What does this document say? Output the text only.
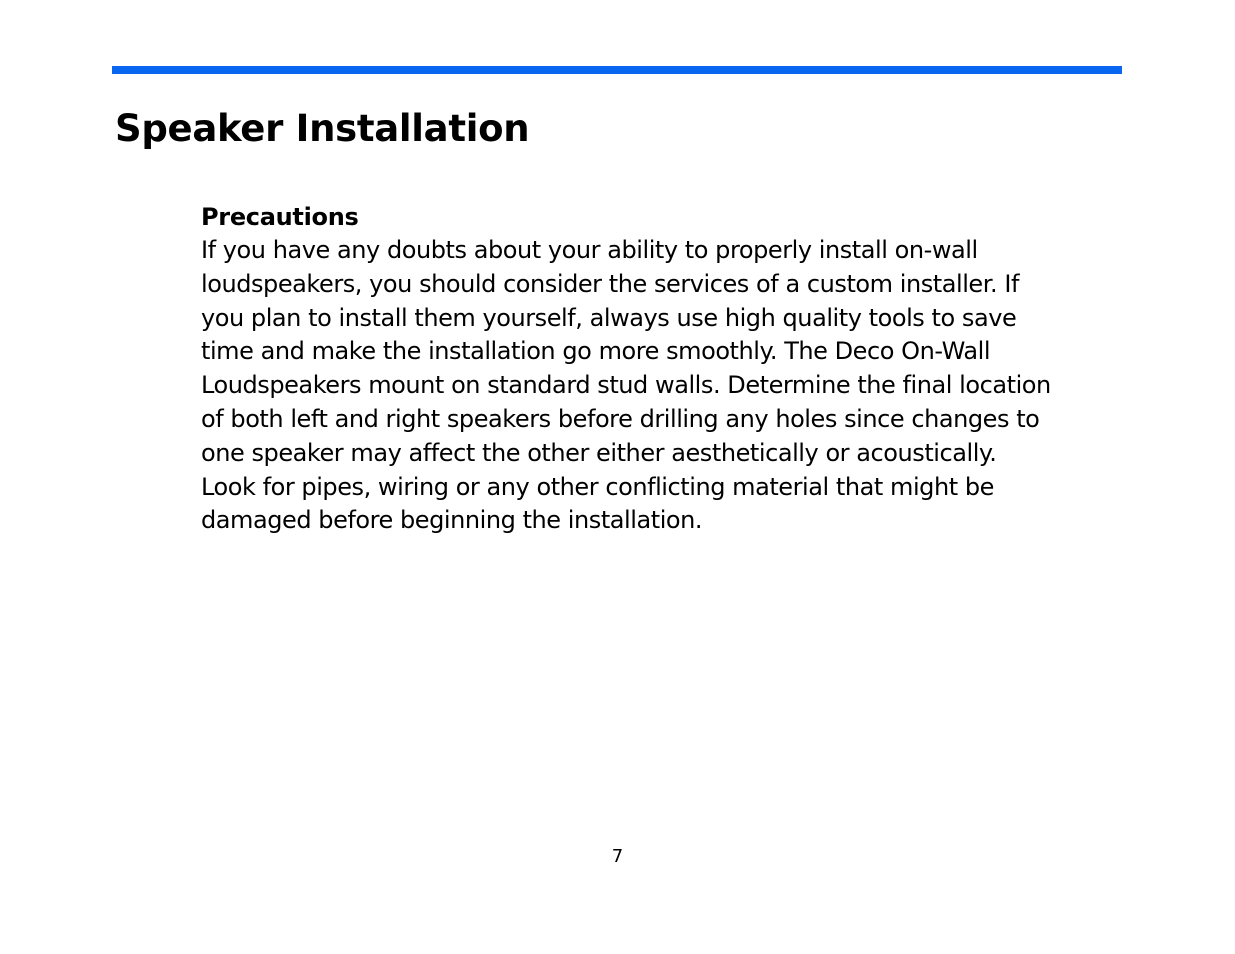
Speaker Installation
Precautions

If you have any doubts about your ability to properly install on-wall
loudspeakers, you should consider the services of a custom installer. If
you plan to install them yourself, always use high quality tools to save
time and make the installation go more smoothly. The Deco On-Wall
Loudspeakers mount on standard stud walls. Determine the final location
of both left and right speakers before drilling any holes since changes to
one speaker may affect the other either aesthetically or acoustically.
Look for pipes, wiring or any other conflicting material that might be
damaged before beginning the installation.

7
